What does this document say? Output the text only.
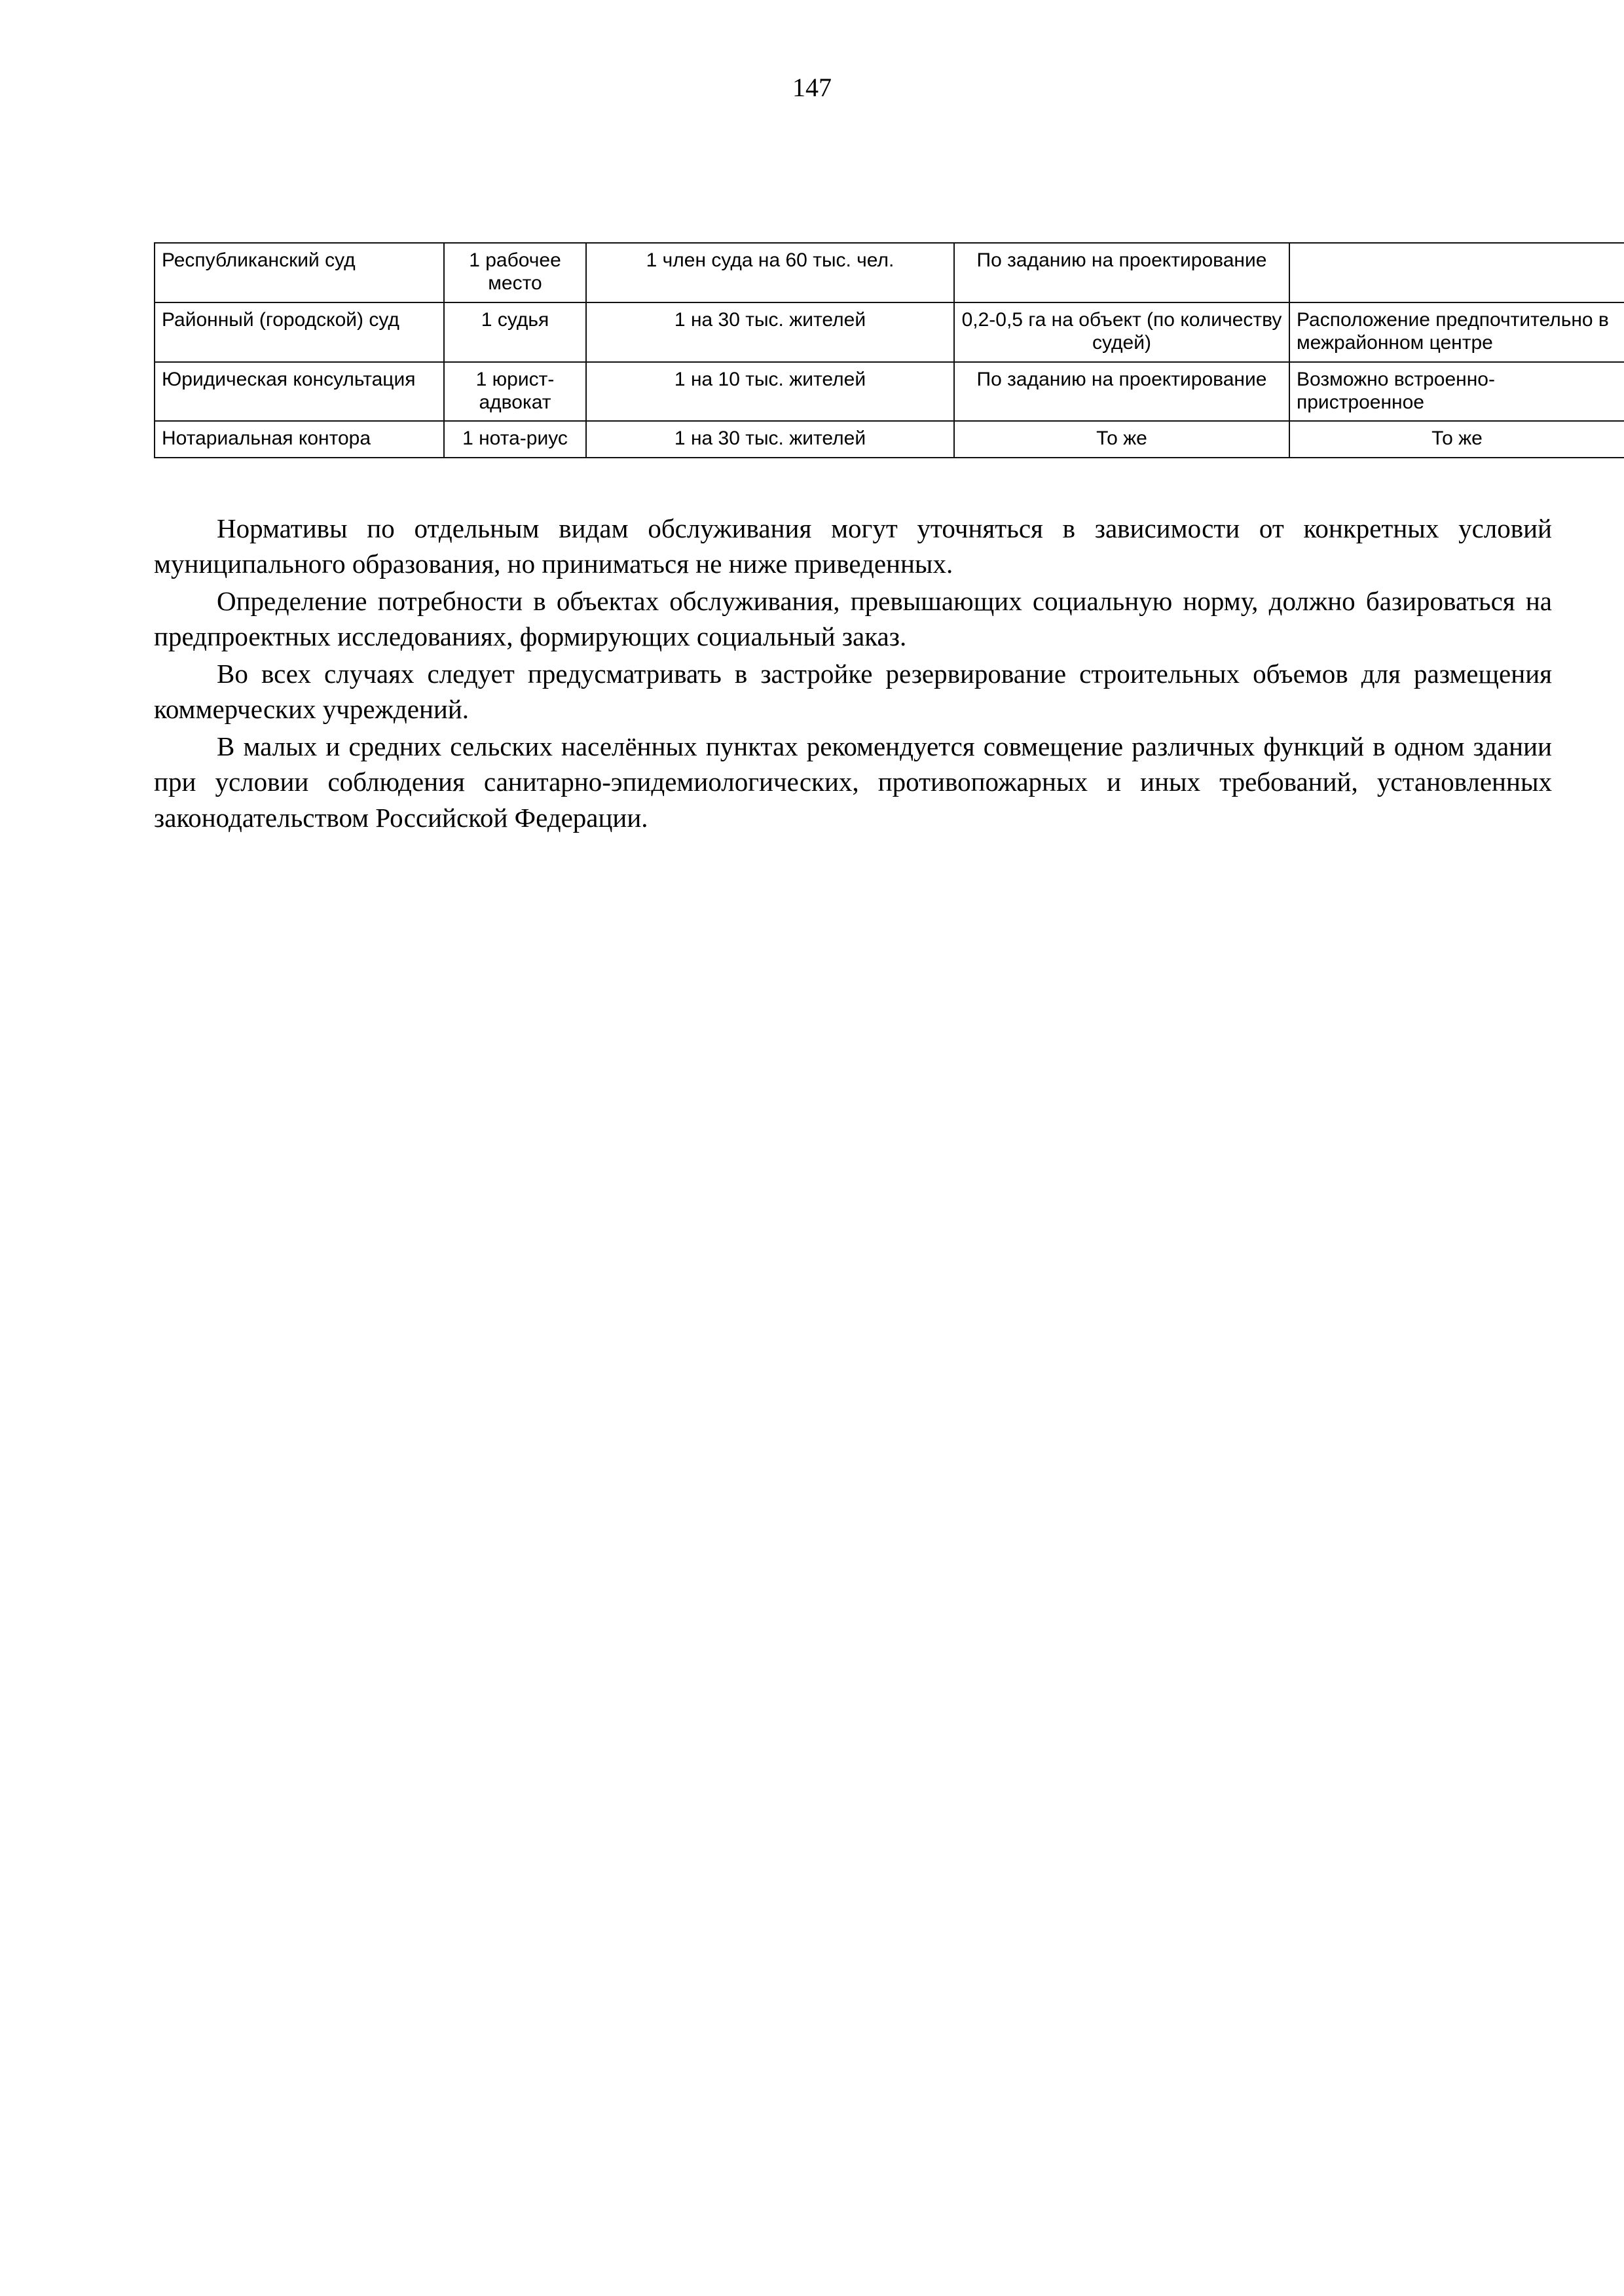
147
Республиканский суд	1 рабочее место	1 член суда на 60 тыс. чел.	По заданию на проектирование	
Районный (городской) суд	1 судья	1 на 30 тыс. жителей	0,2-0,5 га на объект (по количеству судей)	Расположение предпочтительно в межрайонном центре
Юридическая консультация	1 юрист-адвокат	1 на 10 тыс. жителей	По заданию на проектирование	Возможно встроенно-пристроенное
Нотариальная контора	1 нота-риус	1 на 30 тыс. жителей	То же	То же

Нормативы по отдельным видам обслуживания могут уточняться в зависимости от конкретных условий муниципального образования, но приниматься не ниже приведенных.

Определение потребности в объектах обслуживания, превышающих социальную норму, должно базироваться на предпроектных исследованиях, формирующих социальный заказ.

Во всех случаях следует предусматривать в застройке резервирование строительных объемов для размещения коммерческих учреждений.

В малых и средних сельских населённых пунктах рекомендуется совмещение различных функций в одном здании при условии соблюдения санитарно-эпидемиологических, противопожарных и иных требований, установленных законодательством Российской Федерации.
